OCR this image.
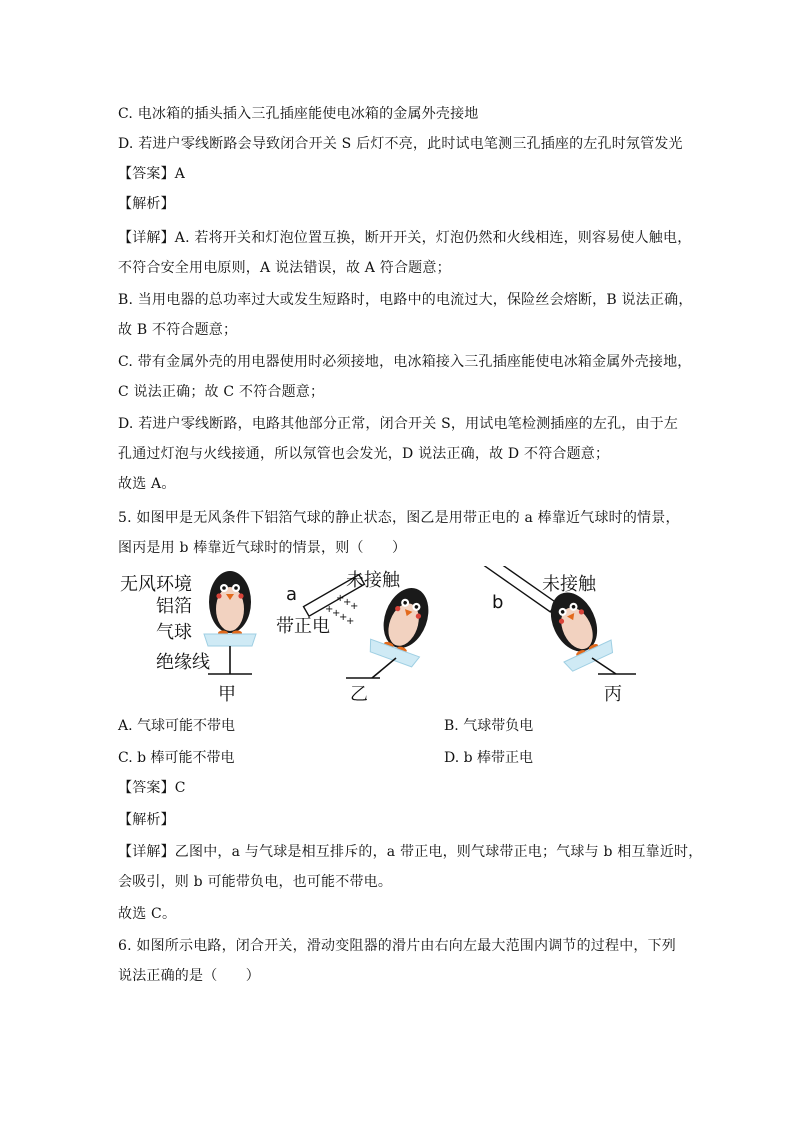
C. 电冰箱的插头插入三孔插座能使电冰箱的金属外壳接地
D. 若进户零线断路会导致闭合开关 S 后灯不亮，此时试电笔测三孔插座的左孔时氖管发光
【答案】A
【解析】
【详解】A. 若将开关和灯泡位置互换，断开开关，灯泡仍然和火线相连，则容易使人触电，
不符合安全用电原则，A 说法错误，故 A 符合题意；
B. 当用电器的总功率过大或发生短路时，电路中的电流过大，保险丝会熔断，B 说法正确，
故 B 不符合题意；
C. 带有金属外壳的用电器使用时必须接地，电冰箱接入三孔插座能使电冰箱金属外壳接地，
C 说法正确；故 C 不符合题意；
D. 若进户零线断路，电路其他部分正常，闭合开关 S，用试电笔检测插座的左孔，由于左
孔通过灯泡与火线接通，所以氖管也会发光，D 说法正确，故 D 不符合题意；
故选 A。
5. 如图甲是无风条件下铝箔气球的静止状态，图乙是用带正电的 a 棒靠近气球时的情景，
图丙是用 b 棒靠近气球时的情景，则（　　）
无风环境
铝箔
气球
绝缘线
甲
a
未接触
+
+
+
+
+
+
+
带正电
乙
b
未接触
丙
A. 气球可能不带电	B. 气球带负电
C. b 棒可能不带电	D. b 棒带正电
【答案】C
【解析】
【详解】乙图中，a 与气球是相互排斥的，a 带正电，则气球带正电；气球与 b 相互靠近时，
会吸引，则 b 可能带负电，也可能不带电。
故选 C。
6. 如图所示电路，闭合开关，滑动变阻器的滑片由右向左最大范围内调节的过程中，下列
说法正确的是（　　）
